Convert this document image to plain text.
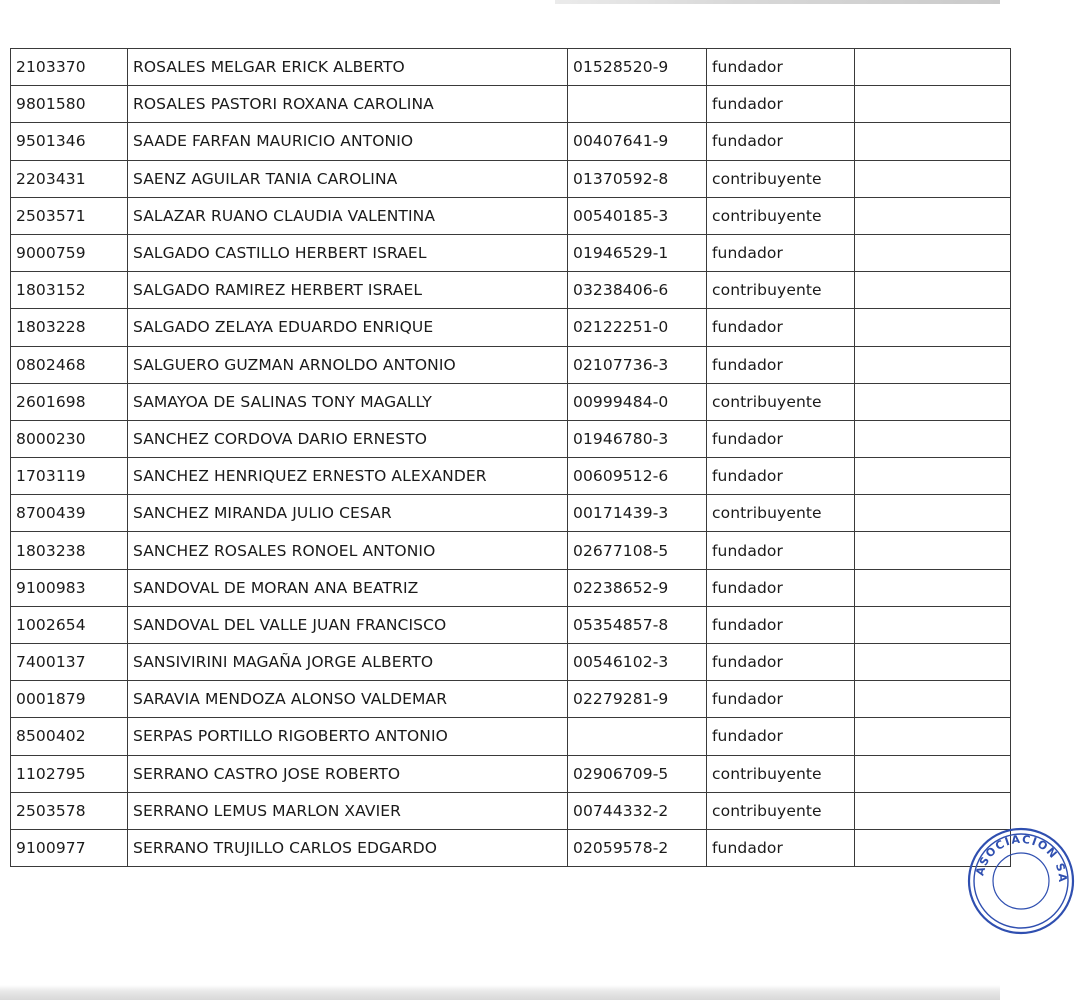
2103370	ROSALES MELGAR ERICK ALBERTO	01528520-9	fundador	
9801580	ROSALES PASTORI ROXANA CAROLINA		fundador	
9501346	SAADE FARFAN MAURICIO ANTONIO	00407641-9	fundador	
2203431	SAENZ AGUILAR TANIA CAROLINA	01370592-8	contribuyente	
2503571	SALAZAR RUANO CLAUDIA VALENTINA	00540185-3	contribuyente	
9000759	SALGADO CASTILLO HERBERT ISRAEL	01946529-1	fundador	
1803152	SALGADO RAMIREZ HERBERT ISRAEL	03238406-6	contribuyente	
1803228	SALGADO ZELAYA EDUARDO ENRIQUE	02122251-0	fundador	
0802468	SALGUERO GUZMAN ARNOLDO ANTONIO	02107736-3	fundador	
2601698	SAMAYOA DE SALINAS TONY MAGALLY	00999484-0	contribuyente	
8000230	SANCHEZ CORDOVA DARIO ERNESTO	01946780-3	fundador	
1703119	SANCHEZ HENRIQUEZ ERNESTO ALEXANDER	00609512-6	fundador	
8700439	SANCHEZ MIRANDA JULIO CESAR	00171439-3	contribuyente	
1803238	SANCHEZ ROSALES RONOEL ANTONIO	02677108-5	fundador	
9100983	SANDOVAL DE MORAN ANA BEATRIZ	02238652-9	fundador	
1002654	SANDOVAL DEL VALLE JUAN FRANCISCO	05354857-8	fundador	
7400137	SANSIVIRINI MAGAÑA JORGE ALBERTO	00546102-3	fundador	
0001879	SARAVIA MENDOZA ALONSO VALDEMAR	02279281-9	fundador	
8500402	SERPAS PORTILLO RIGOBERTO ANTONIO		fundador	
1102795	SERRANO CASTRO JOSE ROBERTO	02906709-5	contribuyente	
2503578	SERRANO LEMUS MARLON XAVIER	00744332-2	contribuyente	
9100977	SERRANO TRUJILLO CARLOS EDGARDO	02059578-2	fundador	
ASOCIACION SA
